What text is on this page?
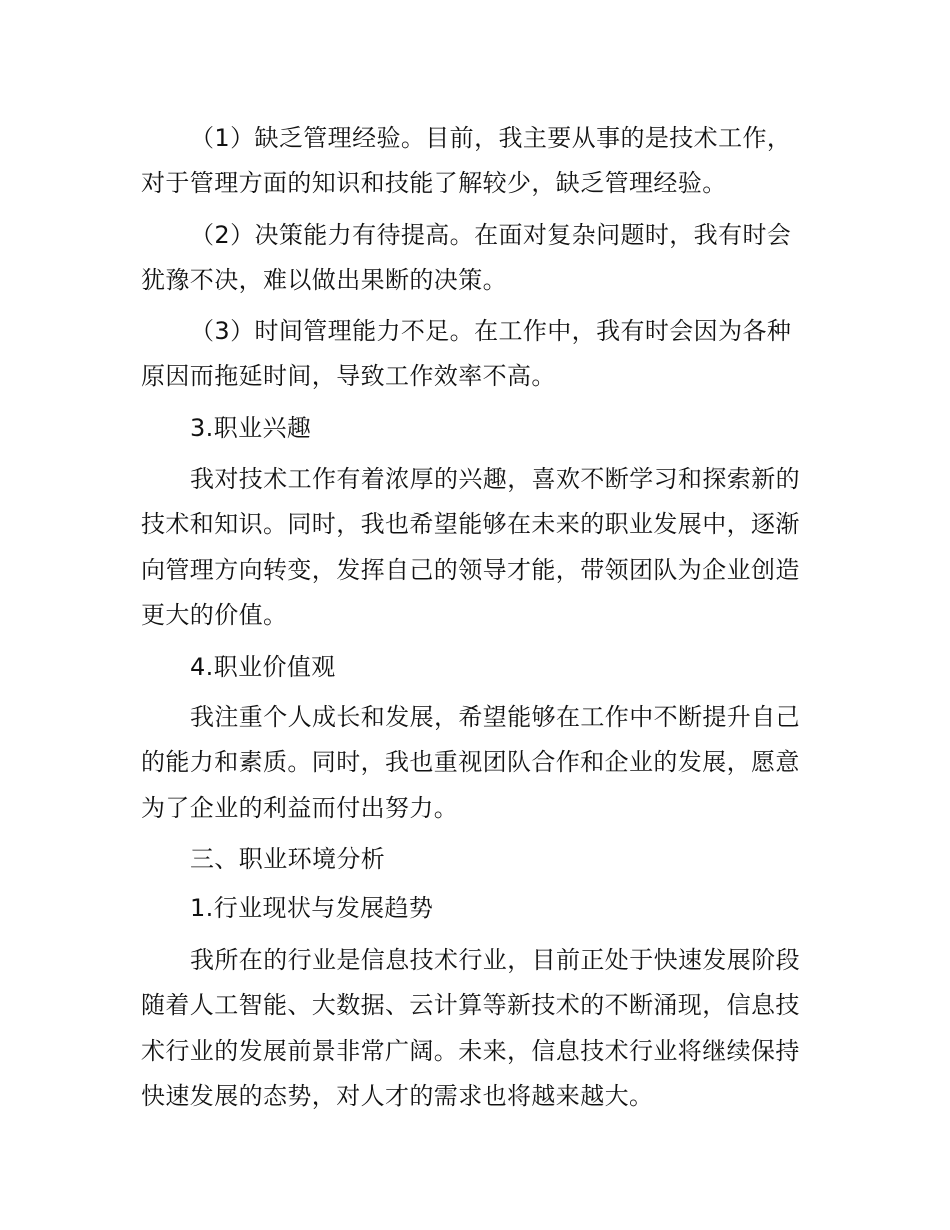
（1）缺乏管理经验。目前，我主要从事的是技术工作，
对于管理方面的知识和技能了解较少，缺乏管理经验。
（2）决策能力有待提高。在面对复杂问题时，我有时会
犹豫不决，难以做出果断的决策。
（3）时间管理能力不足。在工作中，我有时会因为各种
原因而拖延时间，导致工作效率不高。
3.职业兴趣
我对技术工作有着浓厚的兴趣，喜欢不断学习和探索新的
技术和知识。同时，我也希望能够在未来的职业发展中，逐渐
向管理方向转变，发挥自己的领导才能，带领团队为企业创造
更大的价值。
4.职业价值观
我注重个人成长和发展，希望能够在工作中不断提升自己
的能力和素质。同时，我也重视团队合作和企业的发展，愿意
为了企业的利益而付出努力。
三、职业环境分析
1.行业现状与发展趋势
我所在的行业是信息技术行业，目前正处于快速发展阶段
随着人工智能、大数据、云计算等新技术的不断涌现，信息技
术行业的发展前景非常广阔。未来，信息技术行业将继续保持
快速发展的态势，对人才的需求也将越来越大。
